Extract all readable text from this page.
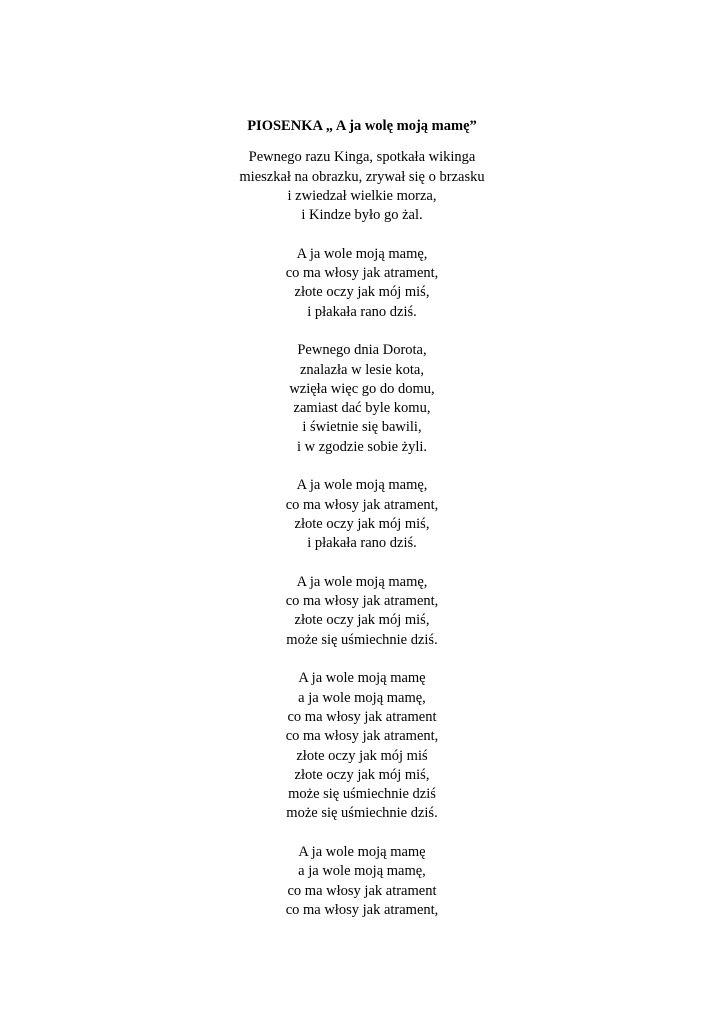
PIOSENKA „ A ja wolę moją mamę”
Pewnego razu Kinga, spotkała wikinga
mieszkał na obrazku, zrywał się o brzasku
i zwiedzał wielkie morza,
i Kindze było go żal.
A ja wole moją mamę,
co ma włosy jak atrament,
złote oczy jak mój miś,
i płakała rano dziś.
Pewnego dnia Dorota,
znalazła w lesie kota,
wzięła więc go do domu,
zamiast dać byle komu,
i świetnie się bawili,
i w zgodzie sobie żyli.
A ja wole moją mamę,
co ma włosy jak atrament,
złote oczy jak mój miś,
i płakała rano dziś.
A ja wole moją mamę,
co ma włosy jak atrament,
złote oczy jak mój miś,
może się uśmiechnie dziś.
A ja wole moją mamę
a ja wole moją mamę,
co ma włosy jak atrament
co ma włosy jak atrament,
złote oczy jak mój miś
złote oczy jak mój miś,
może się uśmiechnie dziś
może się uśmiechnie dziś.
A ja wole moją mamę
a ja wole moją mamę,
co ma włosy jak atrament
co ma włosy jak atrament,
